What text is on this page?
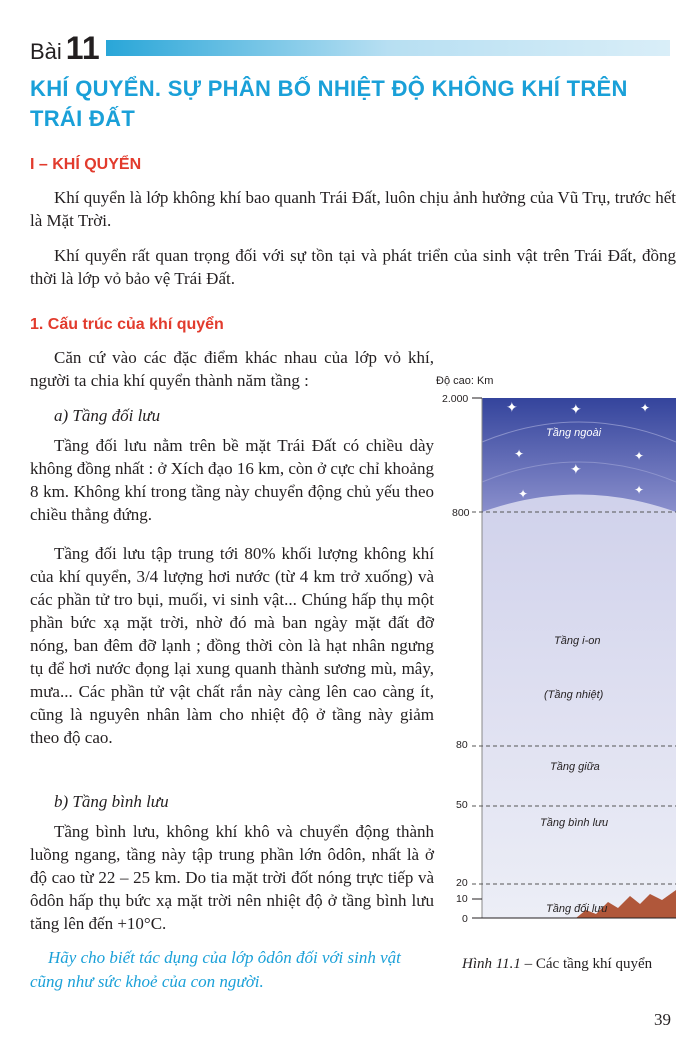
Bài 11
KHÍ QUYỂN. SỰ PHÂN BỐ NHIỆT ĐỘ KHÔNG KHÍ TRÊN TRÁI ĐẤT
I – KHÍ QUYỂN

Khí quyển là lớp không khí bao quanh Trái Đất, luôn chịu ảnh hưởng của Vũ Trụ, trước hết là Mặt Trời.

Khí quyển rất quan trọng đối với sự tồn tại và phát triển của sinh vật trên Trái Đất, đồng thời là lớp vỏ bảo vệ Trái Đất.

1. Cấu trúc của khí quyển

Căn cứ vào các đặc điểm khác nhau của lớp vỏ khí, người ta chia khí quyển thành năm tầng :

a) Tầng đối lưu

Tầng đối lưu nằm trên bề mặt Trái Đất có chiều dày không đồng nhất : ở Xích đạo 16 km, còn ở cực chỉ khoảng 8 km. Không khí trong tầng này chuyển động chủ yếu theo chiều thẳng đứng.

Tầng đối lưu tập trung tới 80% khối lượng không khí của khí quyển, 3/4 lượng hơi nước (từ 4 km trở xuống) và các phần tử tro bụi, muối, vi sinh vật... Chúng hấp thụ một phần bức xạ mặt trời, nhờ đó mà ban ngày mặt đất đỡ nóng, ban đêm đỡ lạnh ; đồng thời còn là hạt nhân ngưng tụ để hơi nước đọng lại xung quanh thành sương mù, mây, mưa... Các phần tử vật chất rắn này càng lên cao càng ít, cũng là nguyên nhân làm cho nhiệt độ ở tầng này giảm theo độ cao.

b) Tầng bình lưu

Tầng bình lưu, không khí khô và chuyển động thành luồng ngang, tầng này tập trung phần lớn ôdôn, nhất là ở độ cao từ 22 – 25 km. Do tia mặt trời đốt nóng trực tiếp và ôdôn hấp thụ bức xạ mặt trời nên nhiệt độ ở tầng bình lưu tăng lên đến +10°C.

Hãy cho biết tác dụng của lớp ôdôn đối với sinh vật cũng như sức khoẻ của con người.

✦	✦	✦
✦
✦
✦
✦	✦
Độ cao: Km
2.000
800
80
50
20
10
0
Tầng ngoài
Tầng i-on
(Tầng nhiệt)
Tầng giữa
Tầng bình lưu
Tầng đối lưu

Hình 11.1 – Các tầng khí quyển

39
